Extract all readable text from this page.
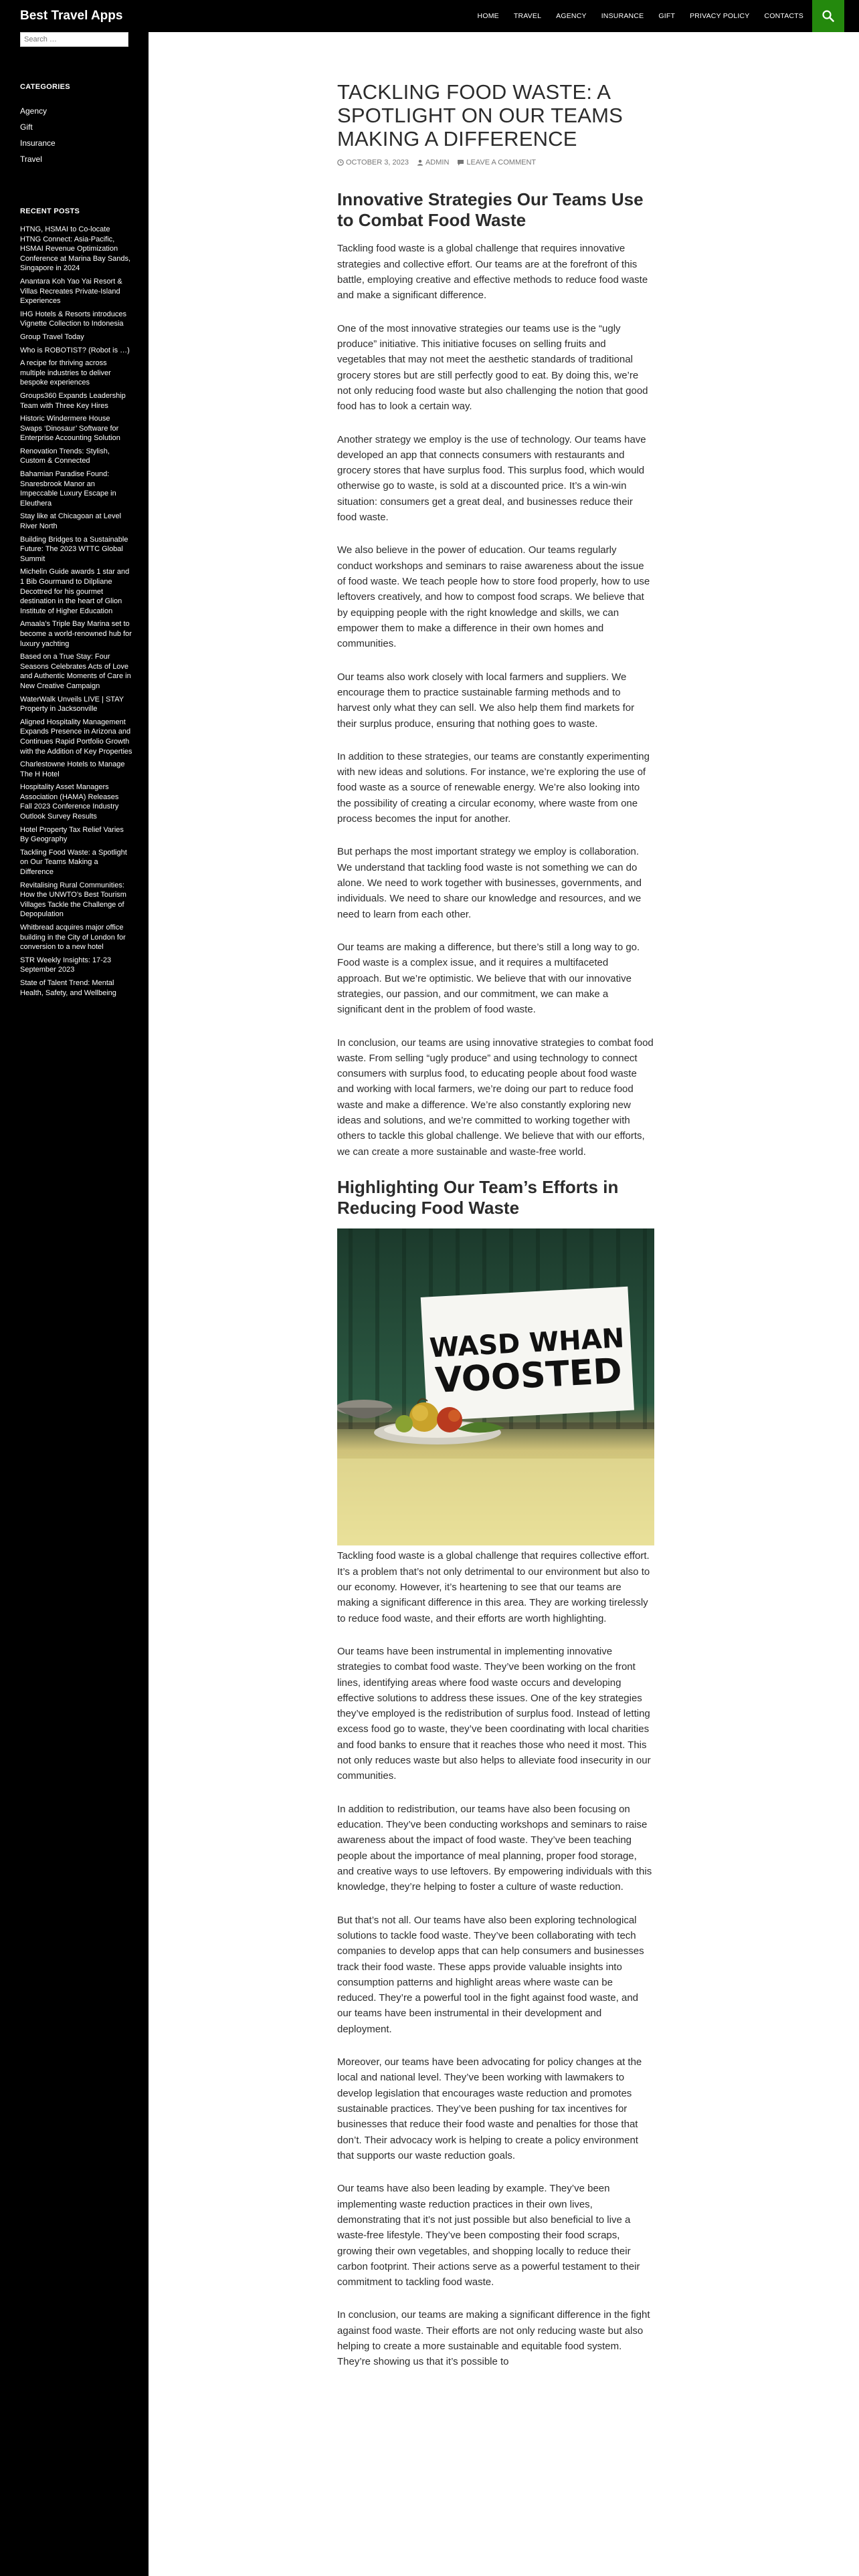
Best Travel Apps	HOME	TRAVEL	AGENCY	INSURANCE	GIFT	PRIVACY POLICY	CONTACTS
Search …
CATEGORIES
Agency
Gift
Insurance
Travel
RECENT POSTS
HTNG, HSMAI to Co-locate HTNG Connect: Asia-Pacific, HSMAI Revenue Optimization Conference at Marina Bay Sands, Singapore in 2024
Anantara Koh Yao Yai Resort & Villas Recreates Private-Island Experiences
IHG Hotels & Resorts introduces Vignette Collection to Indonesia
Group Travel Today
Who is ROBOTIST? (Robot is …)
A recipe for thriving across multiple industries to deliver bespoke experiences
Groups360 Expands Leadership Team with Three Key Hires
Historic Windermere House Swaps ‘Dinosaur’ Software for Enterprise Accounting Solution
Renovation Trends: Stylish, Custom & Connected
Bahamian Paradise Found: Snaresbrook Manor an Impeccable Luxury Escape in Eleuthera
Stay like at Chicagoan at Level River North
Building Bridges to a Sustainable Future: The 2023 WTTC Global Summit
Michelin Guide awards 1 star and 1 Bib Gourmand to Dilpliane Decottred for his gourmet destination in the heart of Glion Institute of Higher Education
Amaala’s Triple Bay Marina set to become a world-renowned hub for luxury yachting
Based on a True Stay: Four Seasons Celebrates Acts of Love and Authentic Moments of Care in New Creative Campaign
WaterWalk Unveils LIVE | STAY Property in Jacksonville
Aligned Hospitality Management Expands Presence in Arizona and Continues Rapid Portfolio Growth with the Addition of Key Properties
Charlestowne Hotels to Manage The H Hotel
Hospitality Asset Managers Association (HAMA) Releases Fall 2023 Conference Industry Outlook Survey Results
Hotel Property Tax Relief Varies By Geography
Tackling Food Waste: a Spotlight on Our Teams Making a Difference
Revitalising Rural Communities: How the UNWTO’s Best Tourism Villages Tackle the Challenge of Depopulation
Whitbread acquires major office building in the City of London for conversion to a new hotel
STR Weekly Insights: 17-23 September 2023
State of Talent Trend: Mental Health, Safety, and Wellbeing
TACKLING FOOD WASTE: A SPOTLIGHT ON OUR TEAMS MAKING A DIFFERENCE
OCTOBER 3, 2023 ADMIN LEAVE A COMMENT
Innovative Strategies Our Teams Use to Combat Food Waste

Tackling food waste is a global challenge that requires innovative strategies and collective effort. Our teams are at the forefront of this battle, employing creative and effective methods to reduce food waste and make a significant difference.

One of the most innovative strategies our teams use is the “ugly produce” initiative. This initiative focuses on selling fruits and vegetables that may not meet the aesthetic standards of traditional grocery stores but are still perfectly good to eat. By doing this, we’re not only reducing food waste but also challenging the notion that good food has to look a certain way.

Another strategy we employ is the use of technology. Our teams have developed an app that connects consumers with restaurants and grocery stores that have surplus food. This surplus food, which would otherwise go to waste, is sold at a discounted price. It’s a win-win situation: consumers get a great deal, and businesses reduce their food waste.

We also believe in the power of education. Our teams regularly conduct workshops and seminars to raise awareness about the issue of food waste. We teach people how to store food properly, how to use leftovers creatively, and how to compost food scraps. We believe that by equipping people with the right knowledge and skills, we can empower them to make a difference in their own homes and communities.

Our teams also work closely with local farmers and suppliers. We encourage them to practice sustainable farming methods and to harvest only what they can sell. We also help them find markets for their surplus produce, ensuring that nothing goes to waste.

In addition to these strategies, our teams are constantly experimenting with new ideas and solutions. For instance, we’re exploring the use of food waste as a source of renewable energy. We’re also looking into the possibility of creating a circular economy, where waste from one process becomes the input for another.

But perhaps the most important strategy we employ is collaboration. We understand that tackling food waste is not something we can do alone. We need to work together with businesses, governments, and individuals. We need to share our knowledge and resources, and we need to learn from each other.

Our teams are making a difference, but there’s still a long way to go. Food waste is a complex issue, and it requires a multifaceted approach. But we’re optimistic. We believe that with our innovative strategies, our passion, and our commitment, we can make a significant dent in the problem of food waste.

In conclusion, our teams are using innovative strategies to combat food waste. From selling “ugly produce” and using technology to connect consumers with surplus food, to educating people about food waste and working with local farmers, we’re doing our part to reduce food waste and make a difference. We’re also constantly exploring new ideas and solutions, and we’re committed to working together with others to tackle this global challenge. We believe that with our efforts, we can create a more sustainable and waste-free world.

Highlighting Our Team’s Efforts in Reducing Food Waste
WASD WHAN
VOOSTED

Tackling food waste is a global challenge that requires collective effort. It’s a problem that’s not only detrimental to our environment but also to our economy. However, it’s heartening to see that our teams are making a significant difference in this area. They are working tirelessly to reduce food waste, and their efforts are worth highlighting.

Our teams have been instrumental in implementing innovative strategies to combat food waste. They’ve been working on the front lines, identifying areas where food waste occurs and developing effective solutions to address these issues. One of the key strategies they’ve employed is the redistribution of surplus food. Instead of letting excess food go to waste, they’ve been coordinating with local charities and food banks to ensure that it reaches those who need it most. This not only reduces waste but also helps to alleviate food insecurity in our communities.

In addition to redistribution, our teams have also been focusing on education. They’ve been conducting workshops and seminars to raise awareness about the impact of food waste. They’ve been teaching people about the importance of meal planning, proper food storage, and creative ways to use leftovers. By empowering individuals with this knowledge, they’re helping to foster a culture of waste reduction.

But that’s not all. Our teams have also been exploring technological solutions to tackle food waste. They’ve been collaborating with tech companies to develop apps that can help consumers and businesses track their food waste. These apps provide valuable insights into consumption patterns and highlight areas where waste can be reduced. They’re a powerful tool in the fight against food waste, and our teams have been instrumental in their development and deployment.

Moreover, our teams have been advocating for policy changes at the local and national level. They’ve been working with lawmakers to develop legislation that encourages waste reduction and promotes sustainable practices. They’ve been pushing for tax incentives for businesses that reduce their food waste and penalties for those that don’t. Their advocacy work is helping to create a policy environment that supports our waste reduction goals.

Our teams have also been leading by example. They’ve been implementing waste reduction practices in their own lives, demonstrating that it’s not just possible but also beneficial to live a waste-free lifestyle. They’ve been composting their food scraps, growing their own vegetables, and shopping locally to reduce their carbon footprint. Their actions serve as a powerful testament to their commitment to tackling food waste.

In conclusion, our teams are making a significant difference in the fight against food waste. Their efforts are not only reducing waste but also helping to create a more sustainable and equitable food system. They’re showing us that it’s possible to
